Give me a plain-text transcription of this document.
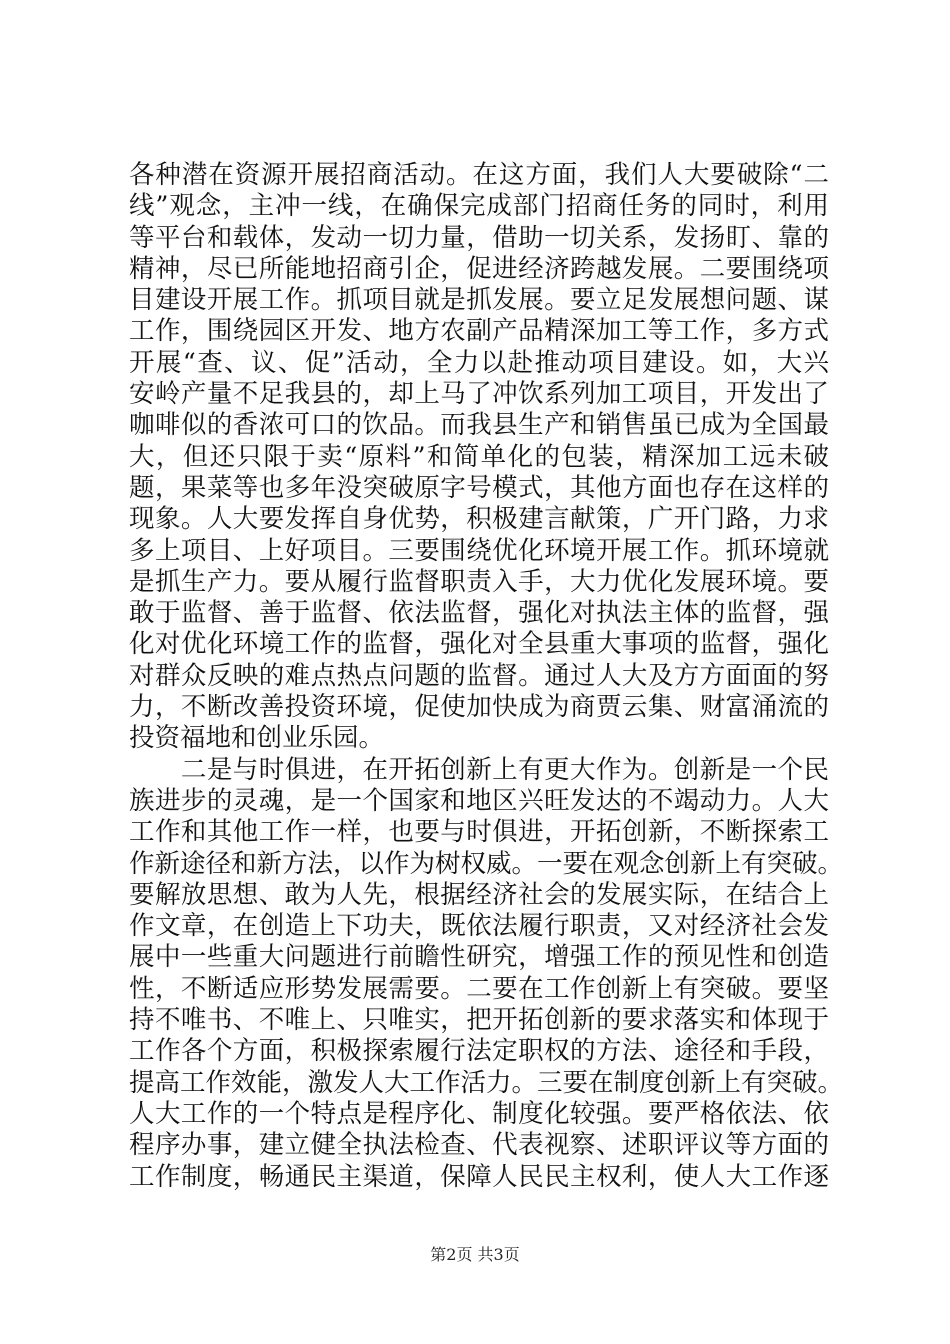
各种潜在资源开展招商活动。在这方面，我们人大要破除“二
线”观念，主冲一线，在确保完成部门招商任务的同时，利用
等平台和载体，发动一切力量，借助一切关系，发扬盯、靠的
精神，尽已所能地招商引企，促进经济跨越发展。二要围绕项
目建设开展工作。抓项目就是抓发展。要立足发展想问题、谋
工作，围绕园区开发、地方农副产品精深加工等工作，多方式
开展“查、议、促”活动，全力以赴推动项目建设。如，大兴
安岭产量不足我县的，却上马了冲饮系列加工项目，开发出了
咖啡似的香浓可口的饮品。而我县生产和销售虽已成为全国最
大，但还只限于卖“原料”和简单化的包装，精深加工远未破
题，果菜等也多年没突破原字号模式，其他方面也存在这样的
现象。人大要发挥自身优势，积极建言献策，广开门路，力求
多上项目、上好项目。三要围绕优化环境开展工作。抓环境就
是抓生产力。要从履行监督职责入手，大力优化发展环境。要
敢于监督、善于监督、依法监督，强化对执法主体的监督，强
化对优化环境工作的监督，强化对全县重大事项的监督，强化
对群众反映的难点热点问题的监督。通过人大及方方面面的努
力，不断改善投资环境，促使加快成为商贾云集、财富涌流的
投资福地和创业乐园。
　　二是与时俱进，在开拓创新上有更大作为。创新是一个民
族进步的灵魂，是一个国家和地区兴旺发达的不竭动力。人大
工作和其他工作一样，也要与时俱进，开拓创新，不断探索工
作新途径和新方法，以作为树权威。一要在观念创新上有突破。
要解放思想、敢为人先，根据经济社会的发展实际，在结合上
作文章，在创造上下功夫，既依法履行职责，又对经济社会发
展中一些重大问题进行前瞻性研究，增强工作的预见性和创造
性，不断适应形势发展需要。二要在工作创新上有突破。要坚
持不唯书、不唯上、只唯实，把开拓创新的要求落实和体现于
工作各个方面，积极探索履行法定职权的方法、途径和手段，
提高工作效能，激发人大工作活力。三要在制度创新上有突破。
人大工作的一个特点是程序化、制度化较强。要严格依法、依
程序办事，建立健全执法检查、代表视察、述职评议等方面的
工作制度，畅通民主渠道，保障人民民主权利，使人大工作逐
第2页 共3页
